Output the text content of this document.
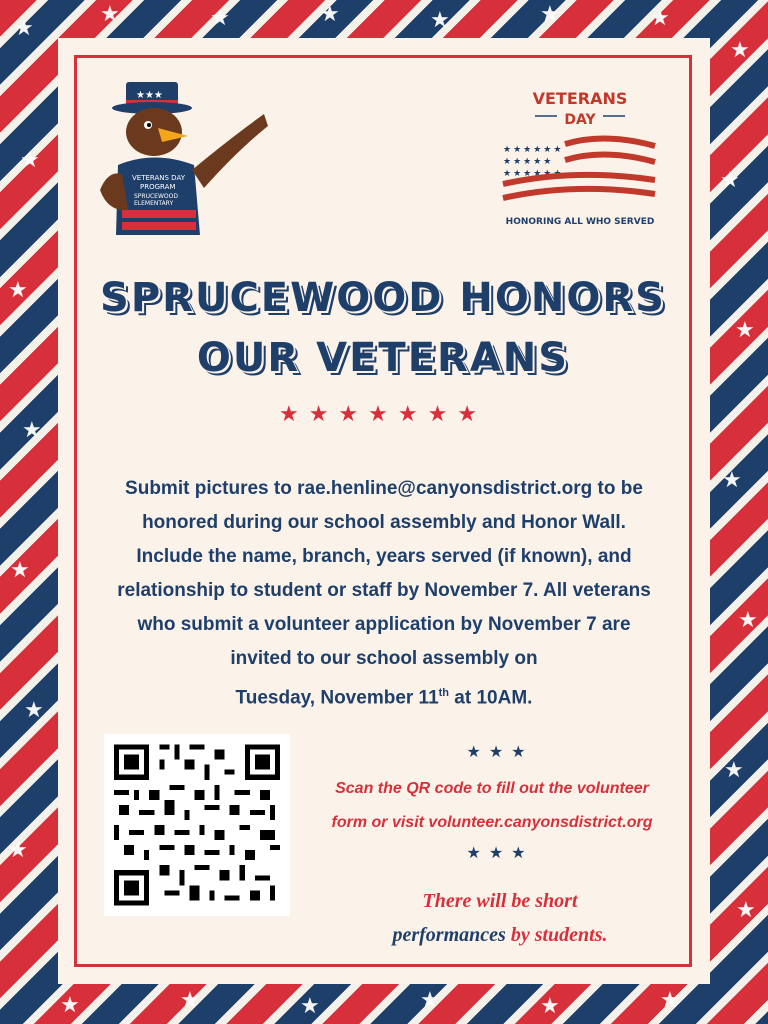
★
★	★	★	★	★	★
★
★
★
★
★
★
★
★
★
★
★
★
★
★	★	★	★	★	★
★★★
VETERANS DAY
PROGRAM
SPRUCEWOOD
ELEMENTARY
VETERANS
DAY
★★★★★★
★★★★★
★★★★★★
HONORING ALL WHO SERVED
SPRUCEWOOD HONORS
OUR VETERANS
★★★★★★★
Submit pictures to rae.henline@canyonsdistrict.org to be
honored during our school assembly and Honor Wall.
Include the name, branch, years served (if known), and
relationship to student or staff by November 7. All veterans
who submit a volunteer application by November 7 are
invited to our school assembly on
Tuesday, November 11th at 10AM.
★★★
Scan the QR code to fill out the volunteer
form or visit volunteer.canyonsdistrict.org
★★★
There will be short
performances by students.
